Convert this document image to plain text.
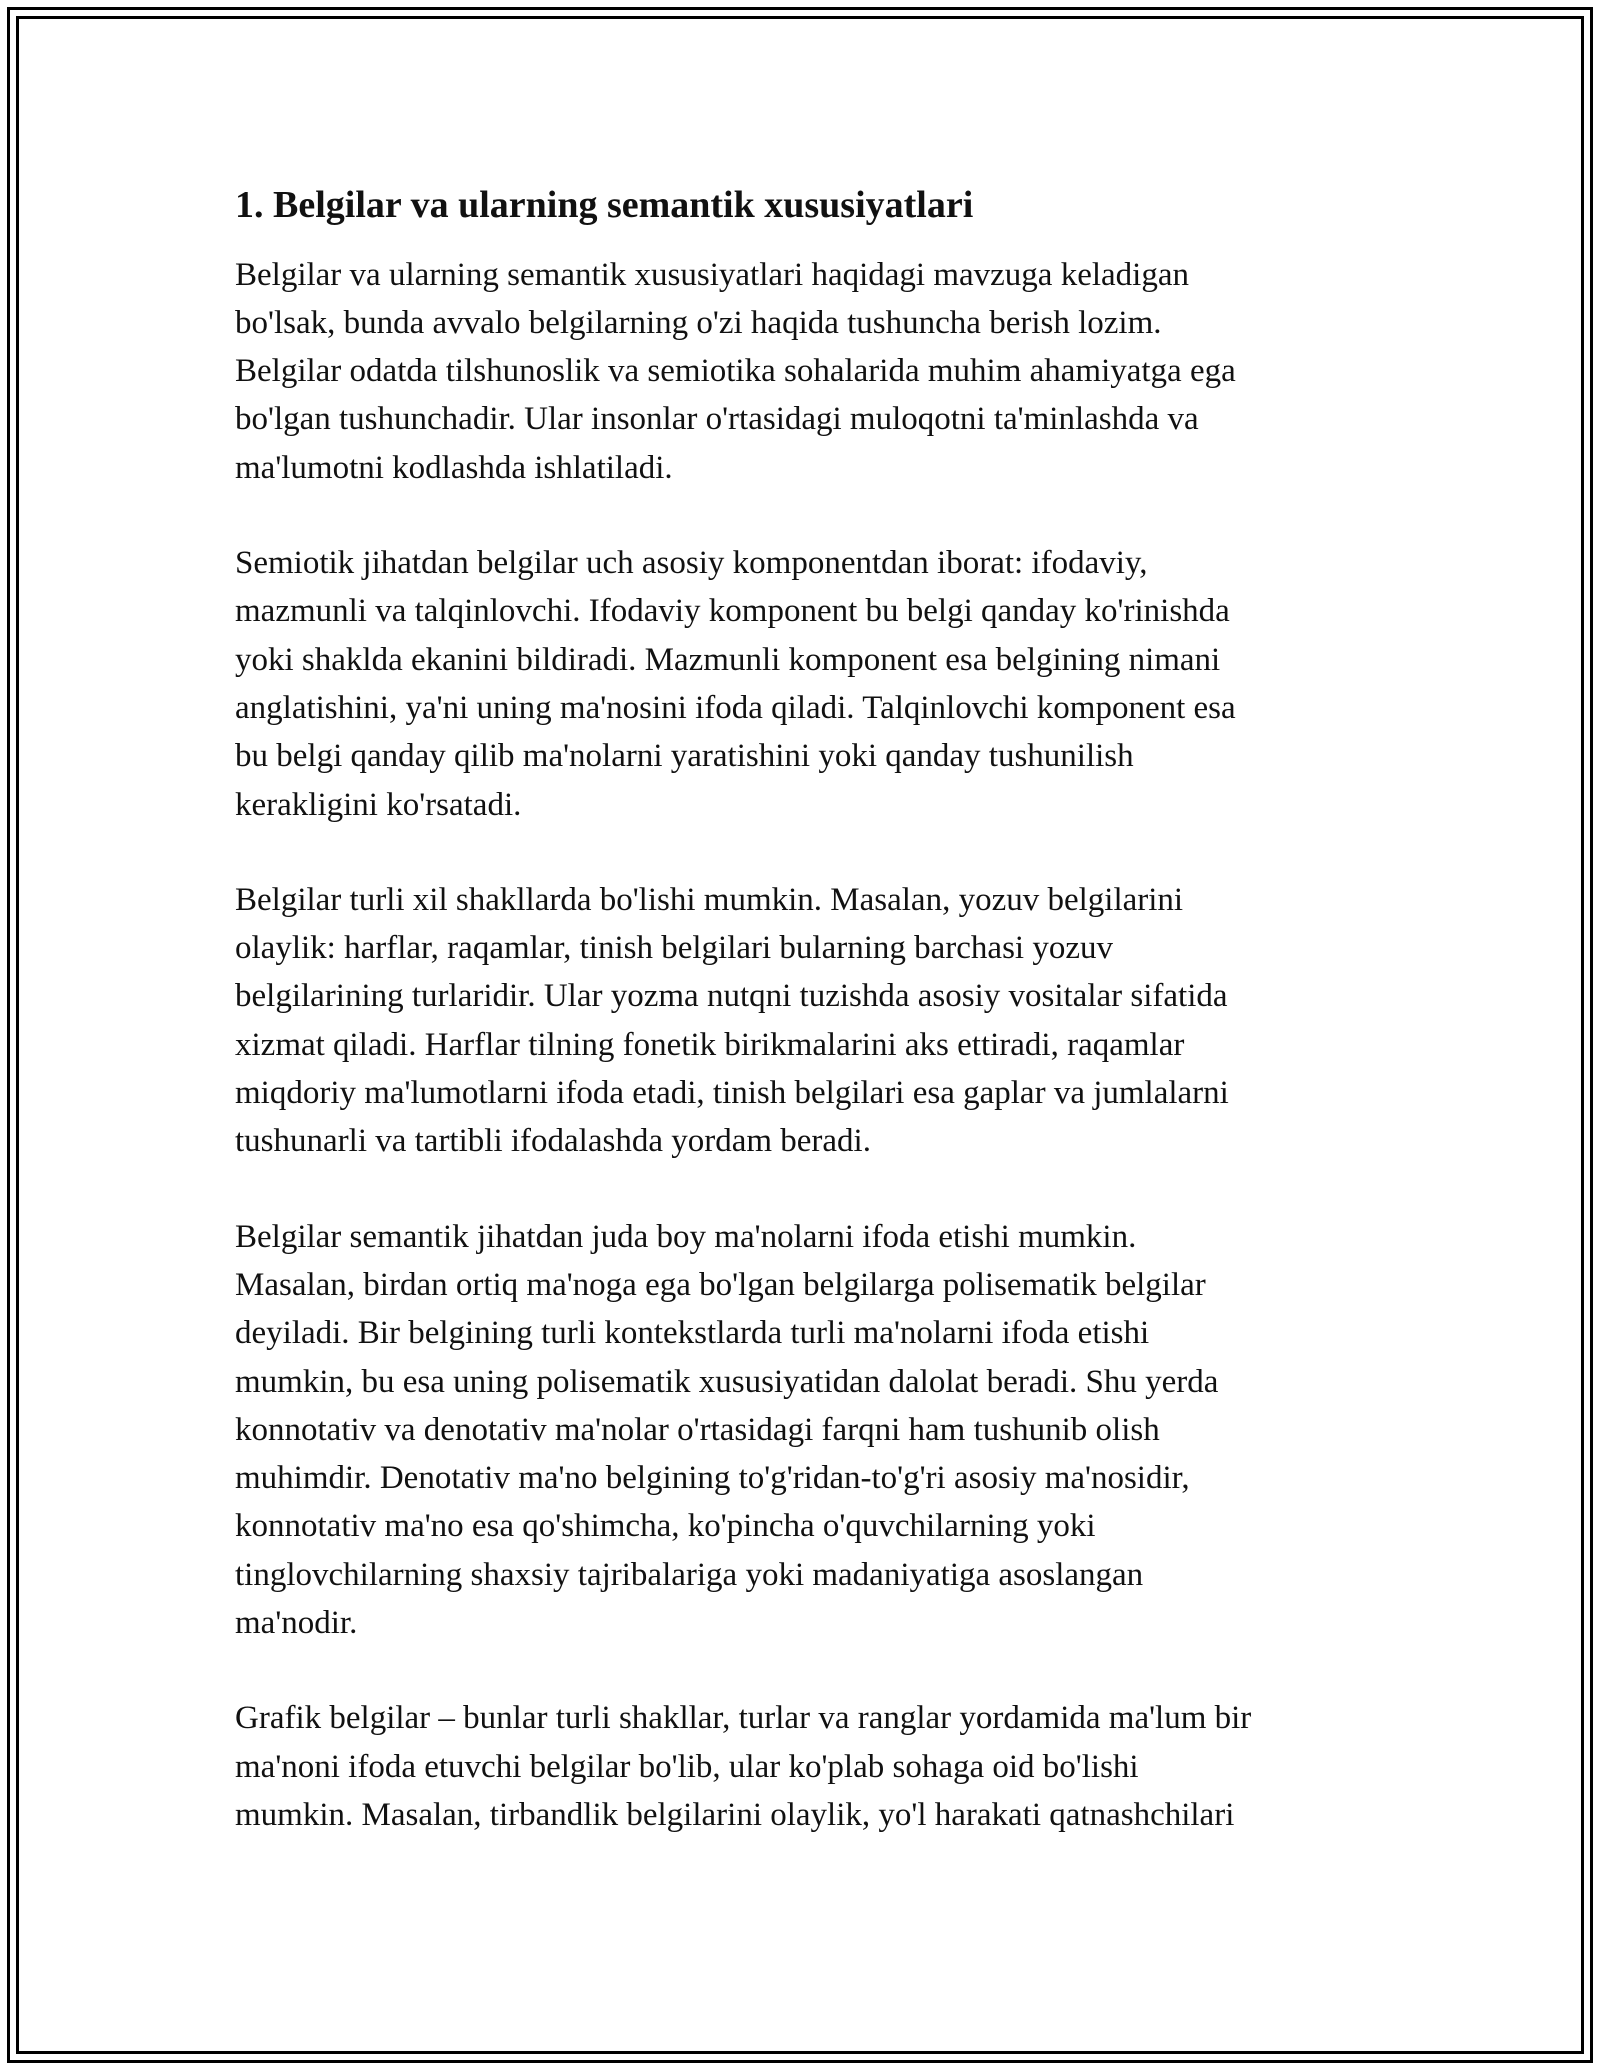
1. Belgilar va ularning semantik xususiyatlari

Belgilar va ularning semantik xususiyatlari haqidagi mavzuga keladigan
bo'lsak, bunda avvalo belgilarning o'zi haqida tushuncha berish lozim.
Belgilar odatda tilshunoslik va semiotika sohalarida muhim ahamiyatga ega
bo'lgan tushunchadir. Ular insonlar o'rtasidagi muloqotni ta'minlashda va
ma'lumotni kodlashda ishlatiladi.

Semiotik jihatdan belgilar uch asosiy komponentdan iborat: ifodaviy,
mazmunli va talqinlovchi. Ifodaviy komponent bu belgi qanday ko'rinishda
yoki shaklda ekanini bildiradi. Mazmunli komponent esa belgining nimani
anglatishini, ya'ni uning ma'nosini ifoda qiladi. Talqinlovchi komponent esa
bu belgi qanday qilib ma'nolarni yaratishini yoki qanday tushunilish
kerakligini ko'rsatadi.

Belgilar turli xil shakllarda bo'lishi mumkin. Masalan, yozuv belgilarini
olaylik: harflar, raqamlar, tinish belgilari bularning barchasi yozuv
belgilarining turlaridir. Ular yozma nutqni tuzishda asosiy vositalar sifatida
xizmat qiladi. Harflar tilning fonetik birikmalarini aks ettiradi, raqamlar
miqdoriy ma'lumotlarni ifoda etadi, tinish belgilari esa gaplar va jumlalarni
tushunarli va tartibli ifodalashda yordam beradi.

Belgilar semantik jihatdan juda boy ma'nolarni ifoda etishi mumkin.
Masalan, birdan ortiq ma'noga ega bo'lgan belgilarga polisematik belgilar
deyiladi. Bir belgining turli kontekstlarda turli ma'nolarni ifoda etishi
mumkin, bu esa uning polisematik xususiyatidan dalolat beradi. Shu yerda
konnotativ va denotativ ma'nolar o'rtasidagi farqni ham tushunib olish
muhimdir. Denotativ ma'no belgining to'g'ridan-to'g'ri asosiy ma'nosidir,
konnotativ ma'no esa qo'shimcha, ko'pincha o'quvchilarning yoki
tinglovchilarning shaxsiy tajribalariga yoki madaniyatiga asoslangan
ma'nodir.

Grafik belgilar – bunlar turli shakllar, turlar va ranglar yordamida ma'lum bir
ma'noni ifoda etuvchi belgilar bo'lib, ular ko'plab sohaga oid bo'lishi
mumkin. Masalan, tirbandlik belgilarini olaylik, yo'l harakati qatnashchilari
